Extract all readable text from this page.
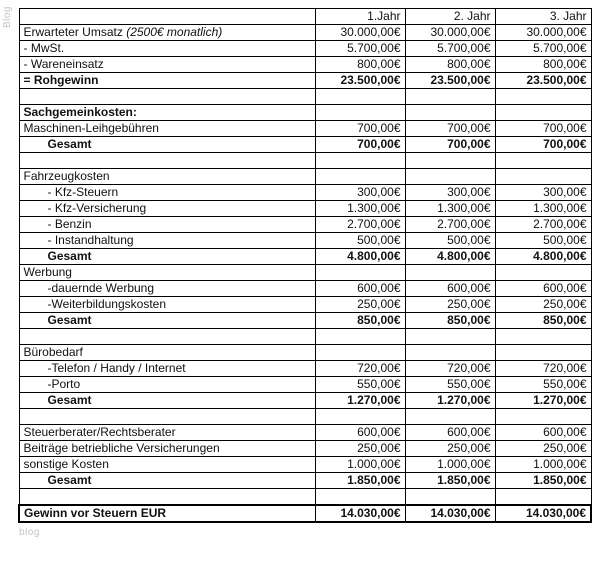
Blog
blog
	1.Jahr	2. Jahr	3. Jahr
Erwarteter Umsatz (2500€ monatlich)	30.000,00€	30.000,00€	30.000,00€
- MwSt.	5.700,00€	5.700,00€	5.700,00€
- Wareneinsatz	800,00€	800,00€	800,00€
= Rohgewinn	23.500,00€	23.500,00€	23.500,00€

Sachgemeinkosten:			
Maschinen-Leihgebühren	700,00€	700,00€	700,00€
Gesamt	700,00€	700,00€	700,00€

Fahrzeugkosten			
- Kfz-Steuern	300,00€	300,00€	300,00€
- Kfz-Versicherung	1.300,00€	1.300,00€	1.300,00€
- Benzin	2.700,00€	2.700,00€	2.700,00€
- Instandhaltung	500,00€	500,00€	500,00€
Gesamt	4.800,00€	4.800,00€	4.800,00€
Werbung			
-dauernde Werbung	600,00€	600,00€	600,00€
-Weiterbildungskosten	250,00€	250,00€	250,00€
Gesamt	850,00€	850,00€	850,00€

Bürobedarf			
-Telefon / Handy / Internet	720,00€	720,00€	720,00€
-Porto	550,00€	550,00€	550,00€
Gesamt	1.270,00€	1.270,00€	1.270,00€

Steuerberater/Rechtsberater	600,00€	600,00€	600,00€
Beiträge betriebliche Versicherungen	250,00€	250,00€	250,00€
sonstige Kosten	1.000,00€	1.000,00€	1.000,00€
Gesamt	1.850,00€	1.850,00€	1.850,00€

Gewinn vor Steuern EUR	14.030,00€	14.030,00€	14.030,00€
